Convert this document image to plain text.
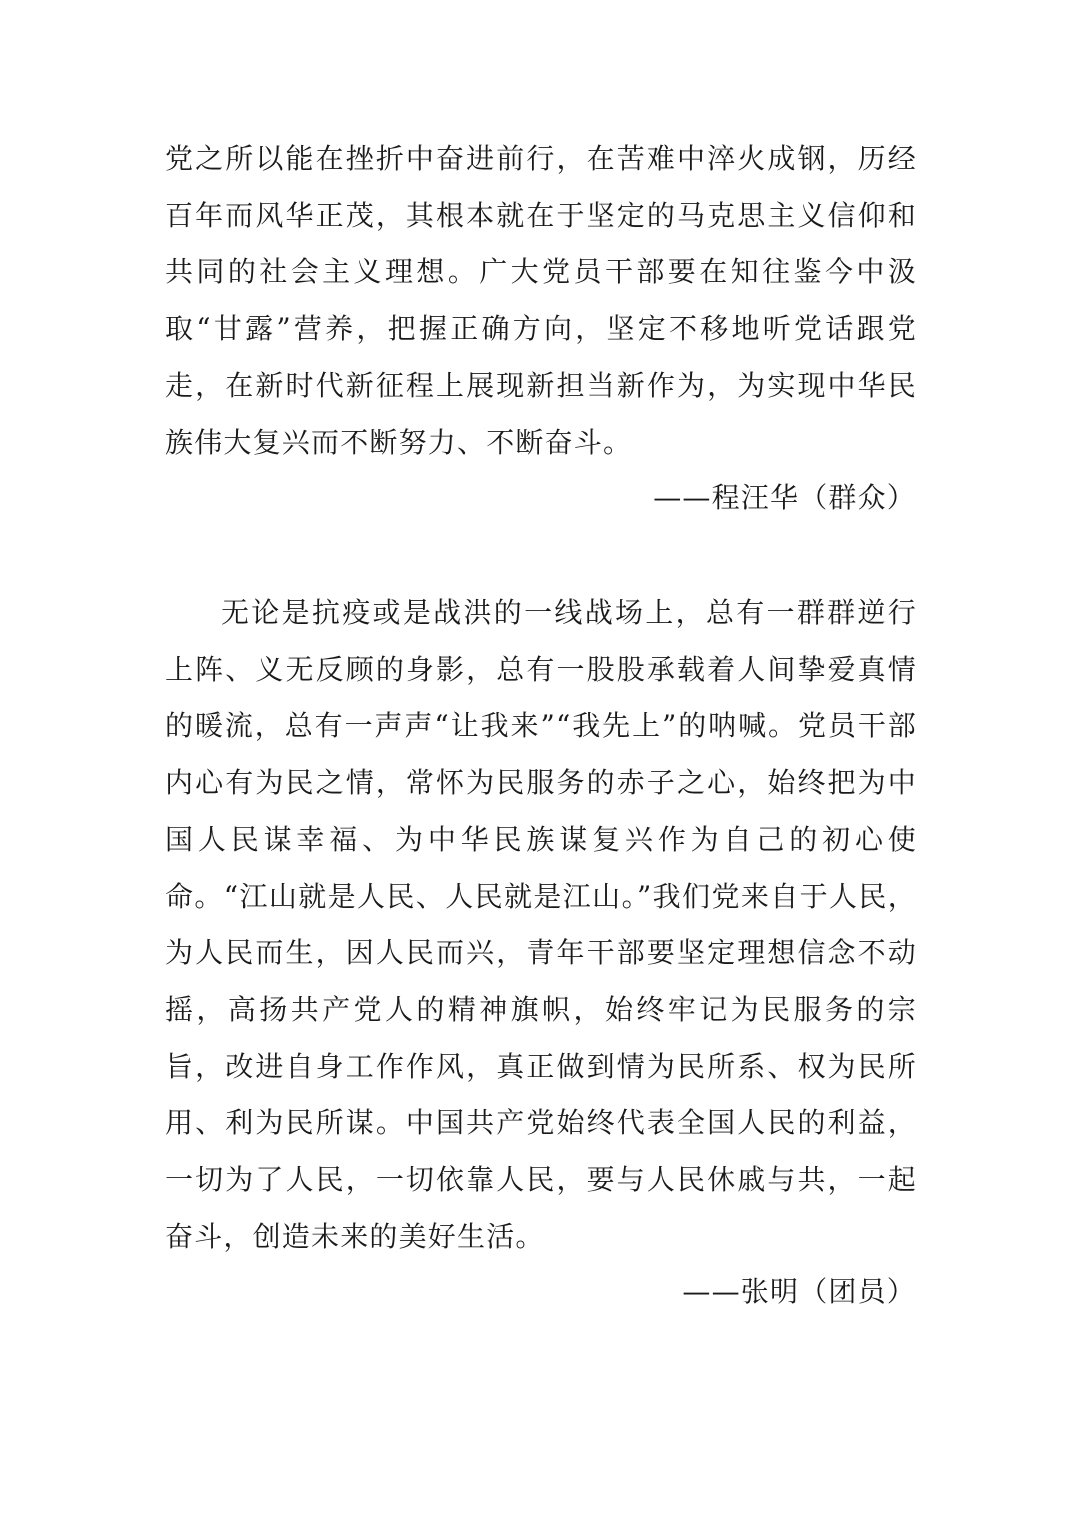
党之所以能在挫折中奋进前行，在苦难中淬火成钢，历经百年而风华正茂，其根本就在于坚定的马克思主义信仰和共同的社会主义理想。广大党员干部要在知往鉴今中汲取“甘露”营养，把握正确方向，坚定不移地听党话跟党走，在新时代新征程上展现新担当新作为，为实现中华民族伟大复兴而不断努力、不断奋斗。

——程汪华（群众）

无论是抗疫或是战洪的一线战场上，总有一群群逆行上阵、义无反顾的身影，总有一股股承载着人间挚爱真情的暖流，总有一声声“让我来”“我先上”的呐喊。党员干部内心有为民之情，常怀为民服务的赤子之心，始终把为中国人民谋幸福、为中华民族谋复兴作为自己的初心使命。“江山就是人民、人民就是江山。”我们党来自于人民，为人民而生，因人民而兴，青年干部要坚定理想信念不动摇，高扬共产党人的精神旗帜，始终牢记为民服务的宗旨，改进自身工作作风，真正做到情为民所系、权为民所用、利为民所谋。中国共产党始终代表全国人民的利益，一切为了人民，一切依靠人民，要与人民休戚与共，一起奋斗，创造未来的美好生活。

——张明（团员）
